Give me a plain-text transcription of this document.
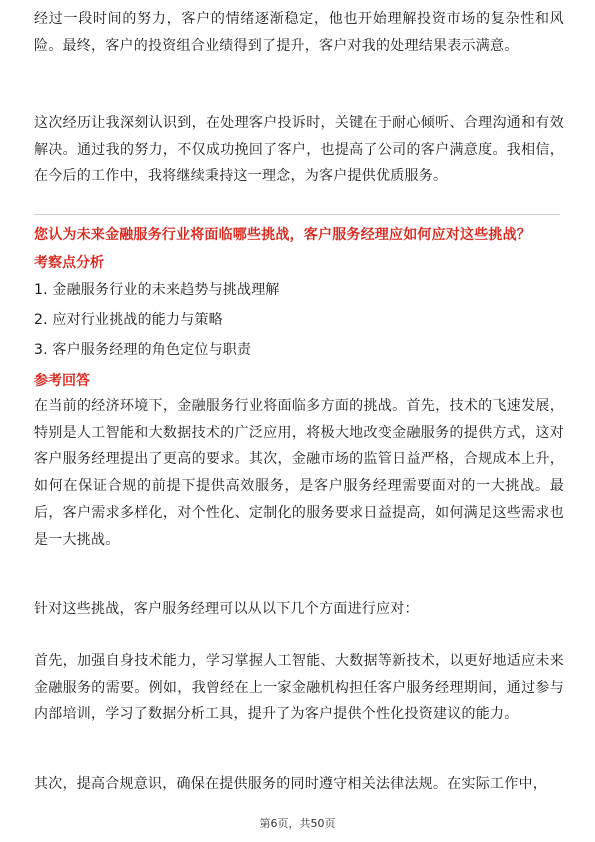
经过一段时间的努力，客户的情绪逐渐稳定，他也开始理解投资市场的复杂性和风险。最终，客户的投资组合业绩得到了提升，客户对我的处理结果表示满意。

这次经历让我深刻认识到，在处理客户投诉时，关键在于耐心倾听、合理沟通和有效解决。通过我的努力，不仅成功挽回了客户，也提高了公司的客户满意度。我相信，在今后的工作中，我将继续秉持这一理念，为客户提供优质服务。

您认为未来金融服务行业将面临哪些挑战，客户服务经理应如何应对这些挑战？
考察点分析
1. 金融服务行业的未来趋势与挑战理解
2. 应对行业挑战的能力与策略
3. 客户服务经理的角色定位与职责
参考回答

在当前的经济环境下，金融服务行业将面临多方面的挑战。首先，技术的飞速发展，特别是人工智能和大数据技术的广泛应用，将极大地改变金融服务的提供方式，这对客户服务经理提出了更高的要求。其次，金融市场的监管日益严格，合规成本上升，如何在保证合规的前提下提供高效服务，是客户服务经理需要面对的一大挑战。最后，客户需求多样化，对个性化、定制化的服务要求日益提高，如何满足这些需求也是一大挑战。

针对这些挑战，客户服务经理可以从以下几个方面进行应对：

首先，加强自身技术能力，学习掌握人工智能、大数据等新技术，以更好地适应未来金融服务的需要。例如，我曾经在上一家金融机构担任客户服务经理期间，通过参与内部培训，学习了数据分析工具，提升了为客户提供个性化投资建议的能力。

其次，提高合规意识，确保在提供服务的同时遵守相关法律法规。在实际工作中，

第6页，共50页
